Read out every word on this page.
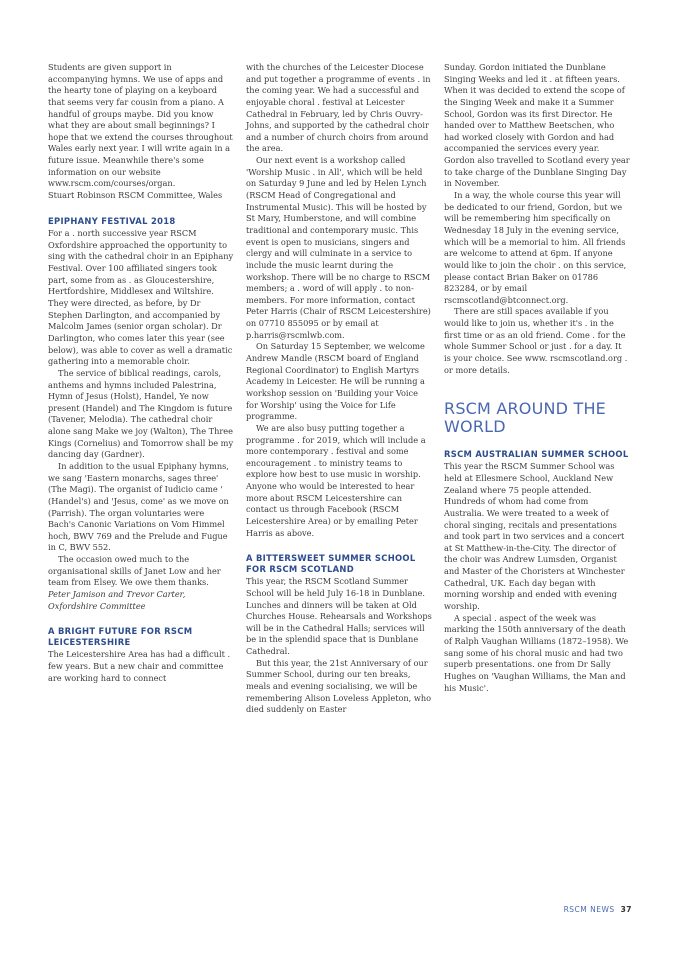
Students are given support in accompanying hymns. We use of apps and the hearty tone of playing on a keyboard that seems very far cousin from a piano. A handful of groups maybe. Did you know what they are about small beginnings? I hope that we extend the courses throughout Wales early next year. I will write again in a future issue. Meanwhile there's some information on our website www.rscm.com/courses/organ.

Stuart Robinson RSCM Committee, Wales

EPIPHANY FESTIVAL 2018

For a . north successive year RSCM Oxfordshire approached the opportunity to sing with the cathedral choir in an Epiphany Festival. Over 100 affiliated singers took part, some from as . as Gloucestershire, Hertfordshire, Middlesex and Wiltshire. They were directed, as before, by Dr Stephen Darlington, and accompanied by Malcolm James (senior organ scholar). Dr Darlington, who comes later this year (see below), was able to cover as well a dramatic gathering into a memorable choir.

The service of biblical readings, carols, anthems and hymns included Palestrina, Hymn of Jesus (Holst), Handel, Ye now present (Handel) and The Kingdom is future (Tavener, Melodia). The cathedral choir alone sang Make we joy (Walton), The Three Kings (Cornelius) and Tomorrow shall be my dancing day (Gardner).

In addition to the usual Epiphany hymns, we sang 'Eastern monarchs, sages three' (The Magi). The organist of Iudicio came ' (Handel's) and 'Jesus, come' as we move on (Parrish). The organ voluntaries were Bach's Canonic Variations on Vom Himmel hoch, BWV 769 and the Prelude and Fugue in C, BWV 552.

The occasion owed much to the organisational skills of Janet Low and her team from Elsey. We owe them thanks.

Peter Jamison and Trevor Carter, Oxfordshire Committee

A BRIGHT FUTURE FOR RSCM LEICESTERSHIRE

The Leicestershire Area has had a difficult . few years. But a new chair and committee are working hard to connect

with the churches of the Leicester Diocese and put together a programme of events . in the coming year. We had a successful and enjoyable choral . festival at Leicester Cathedral in February, led by Chris Ouvry-Johns, and supported by the cathedral choir and a number of church choirs from around the area.

Our next event is a workshop called 'Worship Music . in All', which will be held on Saturday 9 June and led by Helen Lynch (RSCM Head of Congregational and Instrumental Music). This will be hosted by St Mary, Humberstone, and will combine traditional and contemporary music. This event is open to musicians, singers and clergy and will culminate in a service to include the music learnt during the workshop. There will be no charge to RSCM members; a . word of will apply . to non-members. For more information, contact Peter Harris (Chair of RSCM Leicestershire) on 07710 855095 or by email at p.harris@rscmlwb.com.

On Saturday 15 September, we welcome Andrew Mandle (RSCM board of England Regional Coordinator) to English Martyrs Academy in Leicester. He will be running a workshop session on 'Building your Voice for Worship' using the Voice for Life programme.

We are also busy putting together a programme . for 2019, which will include a more contemporary . festival and some encouragement . to ministry teams to explore how best to use music in worship. Anyone who would be interested to hear more about RSCM Leicestershire can contact us through Facebook (RSCM Leicestershire Area) or by emailing Peter Harris as above.

A BITTERSWEET SUMMER SCHOOL FOR RSCM SCOTLAND

This year, the RSCM Scotland Summer School will be held July 16-18 in Dunblane. Lunches and dinners will be taken at Old Churches House. Rehearsals and Workshops will be in the Cathedral Halls; services will be in the splendid space that is Dunblane Cathedral.

But this year, the 21st Anniversary of our Summer School, during our ten breaks, meals and evening socialising, we will be remembering Alison Loveless Appleton, who died suddenly on Easter

Sunday. Gordon initiated the Dunblane Singing Weeks and led it . at fifteen years. When it was decided to extend the scope of the Singing Week and make it a Summer School, Gordon was its first Director. He handed over to Matthew Beetschen, who had worked closely with Gordon and had accompanied the services every year. Gordon also travelled to Scotland every year to take charge of the Dunblane Singing Day in November.

In a way, the whole course this year will be dedicated to our friend, Gordon, but we will be remembering him specifically on Wednesday 18 July in the evening service, which will be a memorial to him. All friends are welcome to attend at 6pm. If anyone would like to join the choir . on this service, please contact Brian Baker on 01786 823284, or by email rscmscotland@btconnect.org.

There are still spaces available if you would like to join us, whether it's . in the first time or as an old friend. Come . for the whole Summer School or just . for a day. It is your choice. See www. rscmscotland.org . or more details.

RSCM AROUND THE WORLD
RSCM AUSTRALIAN SUMMER SCHOOL

This year the RSCM Summer School was held at Ellesmere School, Auckland New Zealand where 75 people attended. Hundreds of whom had come from Australia. We were treated to a week of choral singing, recitals and presentations and took part in two services and a concert at St Matthew-in-the-City. The director of the choir was Andrew Lumsden, Organist and Master of the Choristers at Winchester Cathedral, UK. Each day began with morning worship and ended with evening worship.

A special . aspect of the week was marking the 150th anniversary of the death of Ralph Vaughan Williams (1872–1958). We sang some of his choral music and had two superb presentations. one from Dr Sally Hughes on 'Vaughan Williams, the Man and his Music'.

RSCM NEWS 37
